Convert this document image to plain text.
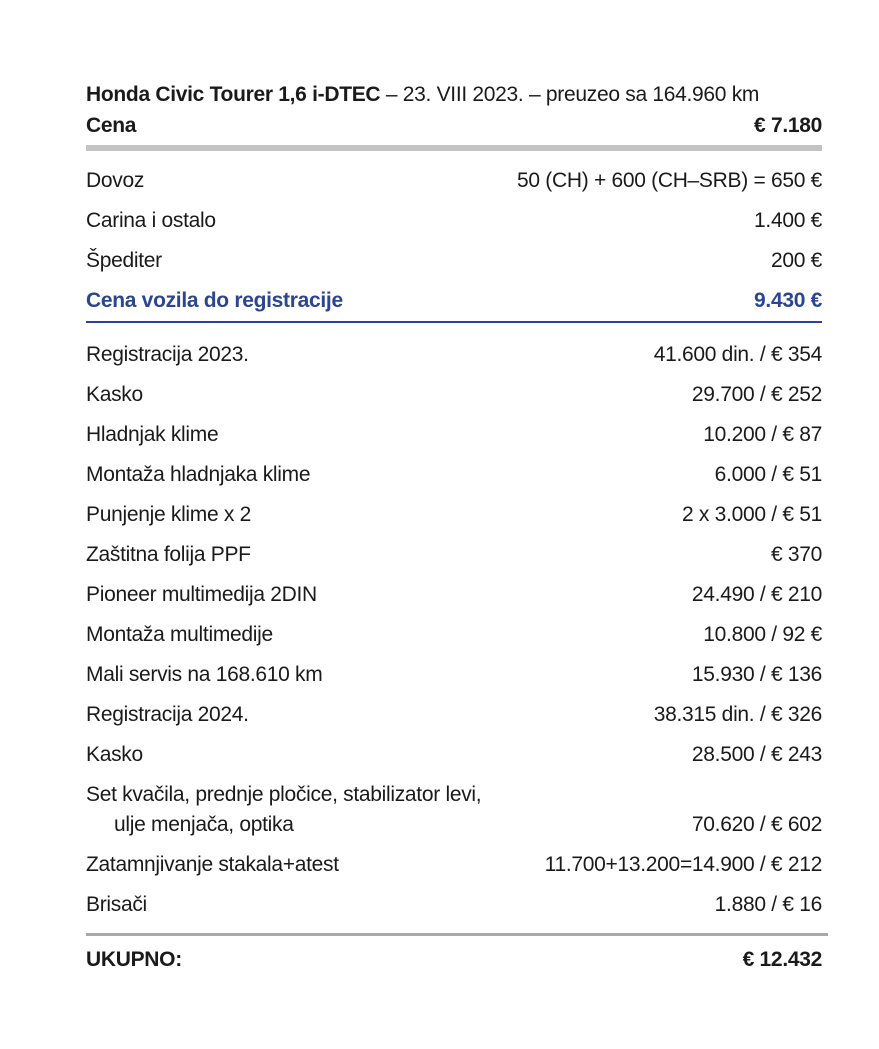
Honda Civic Tourer 1,6 i-DTEC – 23. VIII 2023. – preuzeo sa 164.960 km
Cena	€ 7.180
Dovoz	50 (CH) + 600 (CH–SRB) = 650 €
Carina i ostalo	1.400 €
Špediter	200 €
Cena vozila do registracije	9.430 €
Registracija 2023.	41.600 din. / € 354
Kasko	29.700 / € 252
Hladnjak klime	10.200 / € 87
Montaža hladnjaka klime	6.000 / € 51
Punjenje klime x 2	2 x 3.000 / € 51
Zaštitna folija PPF	€ 370
Pioneer multimedija 2DIN	24.490 / € 210
Montaža multimedije	10.800 / 92 €
Mali servis na 168.610 km	15.930 / € 136
Registracija 2024.	38.315 din. / € 326
Kasko	28.500 / € 243
Set kvačila, prednje pločice, stabilizator levi,
ulje menjača, optika	70.620 / € 602
Zatamnjivanje stakala+atest	11.700+13.200=14.900 / € 212
Brisači	1.880 / € 16
UKUPNO:	€ 12.432
